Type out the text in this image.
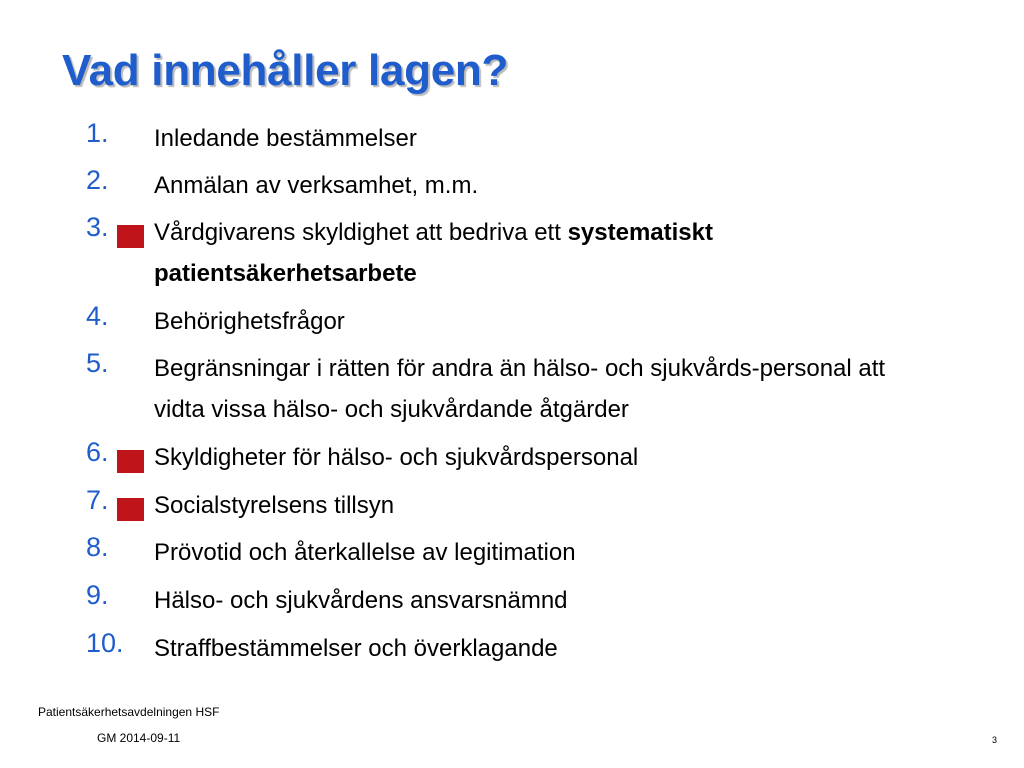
Vad innehåller lagen?
1. Inledande bestämmelser
2. Anmälan av verksamhet, m.m.
3. Vårdgivarens skyldighet att bedriva ett systematiskt patientsäkerhetsarbete
4. Behörighetsfrågor
5. Begränsningar i rätten för andra än hälso- och sjukvårds-personal att vidta vissa hälso- och sjukvårdande åtgärder
6. Skyldigheter för hälso- och sjukvårdspersonal
7. Socialstyrelsens tillsyn
8. Prövotid och återkallelse av legitimation
9. Hälso- och sjukvårdens ansvarsnämnd
10. Straffbestämmelser och överklagande
Patientsäkerhetsavdelningen HSF
GM 2014-09-11	3
